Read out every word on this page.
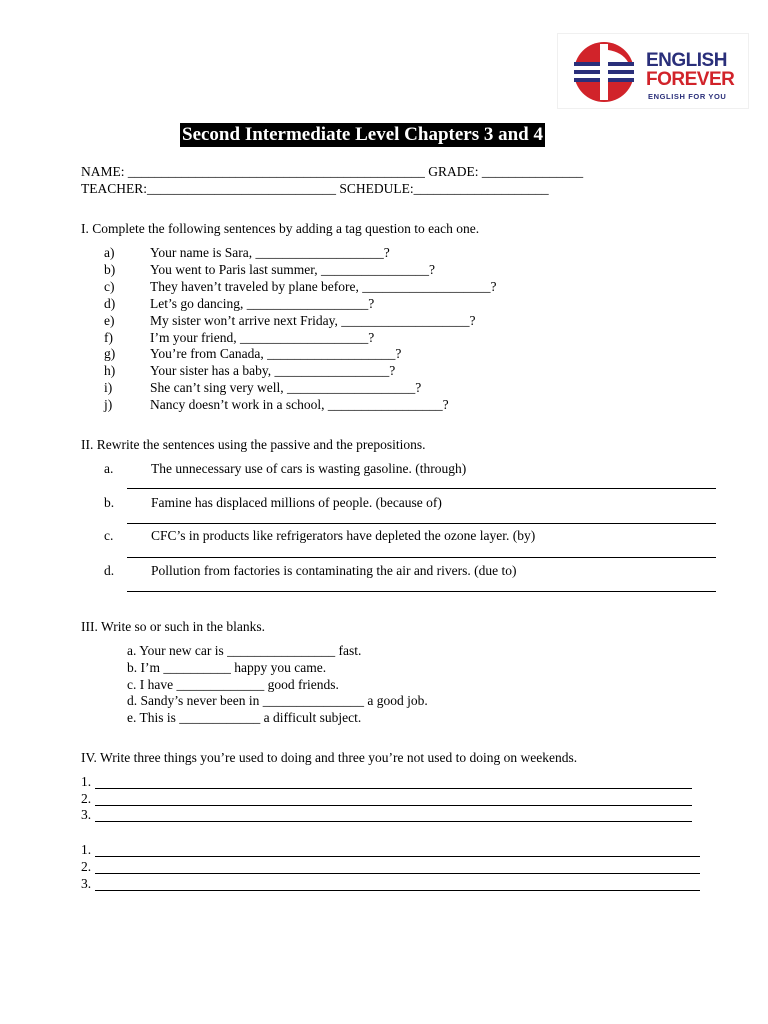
ENGLISH
FOREVER
ENGLISH FOR YOU
Second Intermediate Level Chapters 3 and 4
NAME: ____________________________________________ GRADE: _______________
TEACHER:____________________________ SCHEDULE:____________________
I. Complete the following sentences by adding a tag question to each one.
a)	Your name is Sara, ___________________?
b)	You went to Paris last summer, ________________?
c)	They haven’t traveled by plane before, ___________________?
d)	Let’s go dancing, __________________?
e)	My sister won’t arrive next Friday, ___________________?
f)	I’m your friend, ___________________?
g)	You’re from Canada, ___________________?
h)	Your sister has a baby, _________________?
i)	She can’t sing very well, ___________________?
j)	Nancy doesn’t work in a school, _________________?
II. Rewrite the sentences using the passive and the prepositions.
a.	The unnecessary use of cars is wasting gasoline. (through)
b.	Famine has displaced millions of people. (because of)
c.	CFC’s in products like refrigerators have depleted the ozone layer. (by)
d.	Pollution from factories is contaminating the air and rivers. (due to)
III. Write so or such in the blanks.
a. Your new car is ________________ fast.
b. I’m __________ happy you came.
c. I have _____________ good friends.
d. Sandy’s never been in _______________ a good job.
e. This is ____________ a difficult subject.
IV. Write three things you’re used to doing and three you’re not used to doing on weekends.
1.
2.
3.
1.
2.
3.
